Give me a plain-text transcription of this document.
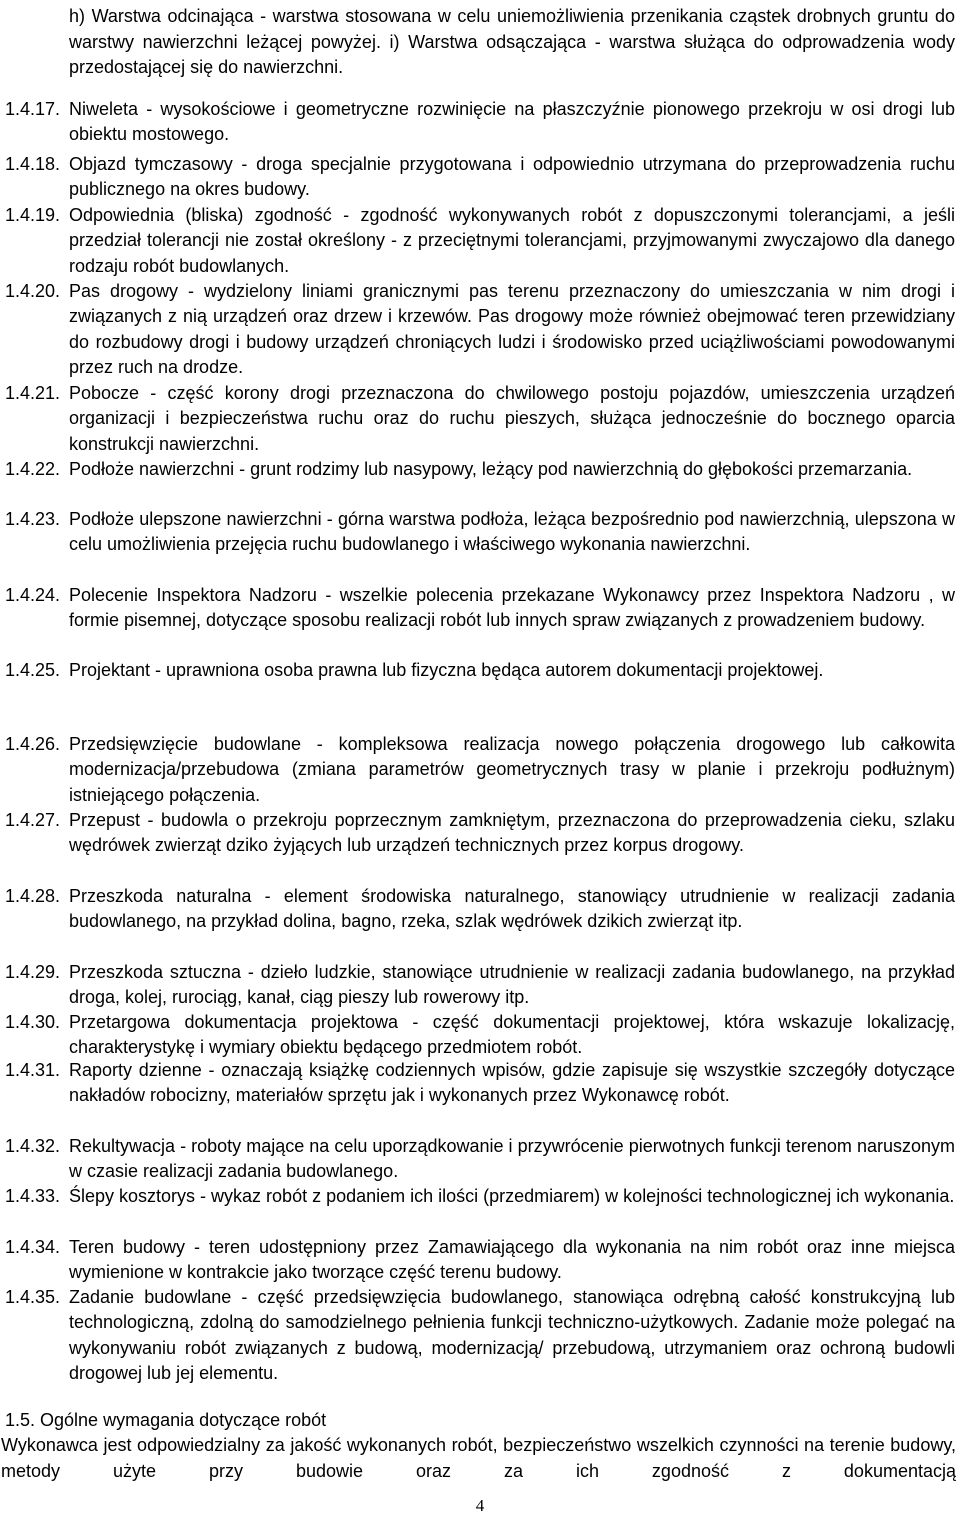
h) Warstwa odcinająca - warstwa stosowana w celu uniemożliwienia przenikania cząstek drobnych gruntu do warstwy nawierzchni leżącej powyżej. i) Warstwa odsączająca - warstwa służąca do odprowadzenia wody przedostającej się do nawierzchni.
1.4.17. Niweleta - wysokościowe i geometryczne rozwinięcie na płaszczyźnie pionowego przekroju w osi drogi lub obiektu mostowego.
1.4.18. Objazd tymczasowy - droga specjalnie przygotowana i odpowiednio utrzymana do przeprowadzenia ruchu publicznego na okres budowy.
1.4.19. Odpowiednia (bliska) zgodność - zgodność wykonywanych robót z dopuszczonymi tolerancjami, a jeśli przedział tolerancji nie został określony - z przeciętnymi tolerancjami, przyjmowanymi zwyczajowo dla danego rodzaju robót budowlanych.
1.4.20. Pas drogowy - wydzielony liniami granicznymi pas terenu przeznaczony do umieszczania w nim drogi i związanych z nią urządzeń oraz drzew i krzewów. Pas drogowy może również obejmować teren przewidziany do rozbudowy drogi i budowy urządzeń chroniących ludzi i środowisko przed uciążliwościami powodowanymi przez ruch na drodze.
1.4.21. Pobocze - część korony drogi przeznaczona do chwilowego postoju pojazdów, umieszczenia urządzeń organizacji i bezpieczeństwa ruchu oraz do ruchu pieszych, służąca jednocześnie do bocznego oparcia konstrukcji nawierzchni.
1.4.22. Podłoże nawierzchni - grunt rodzimy lub nasypowy, leżący pod nawierzchnią do głębokości przemarzania.
1.4.23. Podłoże ulepszone nawierzchni - górna warstwa podłoża, leżąca bezpośrednio pod nawierzchnią, ulepszona w celu umożliwienia przejęcia ruchu budowlanego i właściwego wykonania nawierzchni.
1.4.24. Polecenie Inspektora Nadzoru - wszelkie polecenia przekazane Wykonawcy przez Inspektora Nadzoru , w formie pisemnej, dotyczące sposobu realizacji robót lub innych spraw związanych z prowadzeniem budowy.
1.4.25. Projektant - uprawniona osoba prawna lub fizyczna będąca autorem dokumentacji projektowej.
1.4.26. Przedsięwzięcie budowlane - kompleksowa realizacja nowego połączenia drogowego lub całkowita modernizacja/przebudowa (zmiana parametrów geometrycznych trasy w planie i przekroju podłużnym) istniejącego połączenia.
1.4.27. Przepust - budowla o przekroju poprzecznym zamkniętym, przeznaczona do przeprowadzenia cieku, szlaku wędrówek zwierząt dziko żyjących lub urządzeń technicznych przez korpus drogowy.
1.4.28. Przeszkoda naturalna - element środowiska naturalnego, stanowiący utrudnienie w realizacji zadania budowlanego, na przykład dolina, bagno, rzeka, szlak wędrówek dzikich zwierząt itp.
1.4.29. Przeszkoda sztuczna - dzieło ludzkie, stanowiące utrudnienie w realizacji zadania budowlanego, na przykład droga, kolej, rurociąg, kanał, ciąg pieszy lub rowerowy itp.
1.4.30. Przetargowa dokumentacja projektowa - część dokumentacji projektowej, która wskazuje lokalizację, charakterystykę i wymiary obiektu będącego przedmiotem robót.
1.4.31. Raporty dzienne - oznaczają książkę codziennych wpisów, gdzie zapisuje się wszystkie szczegóły dotyczące nakładów robocizny, materiałów sprzętu jak i wykonanych przez Wykonawcę robót.
1.4.32. Rekultywacja - roboty mające na celu uporządkowanie i przywrócenie pierwotnych funkcji terenom naruszonym w czasie realizacji zadania budowlanego.
1.4.33. Ślepy kosztorys - wykaz robót z podaniem ich ilości (przedmiarem) w kolejności technologicznej ich wykonania.
1.4.34. Teren budowy - teren udostępniony przez Zamawiającego dla wykonania na nim robót oraz inne miejsca wymienione w kontrakcie jako tworzące część terenu budowy.
1.4.35. Zadanie budowlane - część przedsięwzięcia budowlanego, stanowiąca odrębną całość konstrukcyjną lub technologiczną, zdolną do samodzielnego pełnienia funkcji techniczno-użytkowych. Zadanie może polegać na wykonywaniu robót związanych z budową, modernizacją/ przebudową, utrzymaniem oraz ochroną budowli drogowej lub jej elementu.
1.5. Ogólne wymagania dotyczące robót
Wykonawca jest odpowiedzialny za jakość wykonanych robót, bezpieczeństwo wszelkich czynności na terenie budowy, metody użyte przy budowie oraz za ich zgodność z dokumentacją
4
